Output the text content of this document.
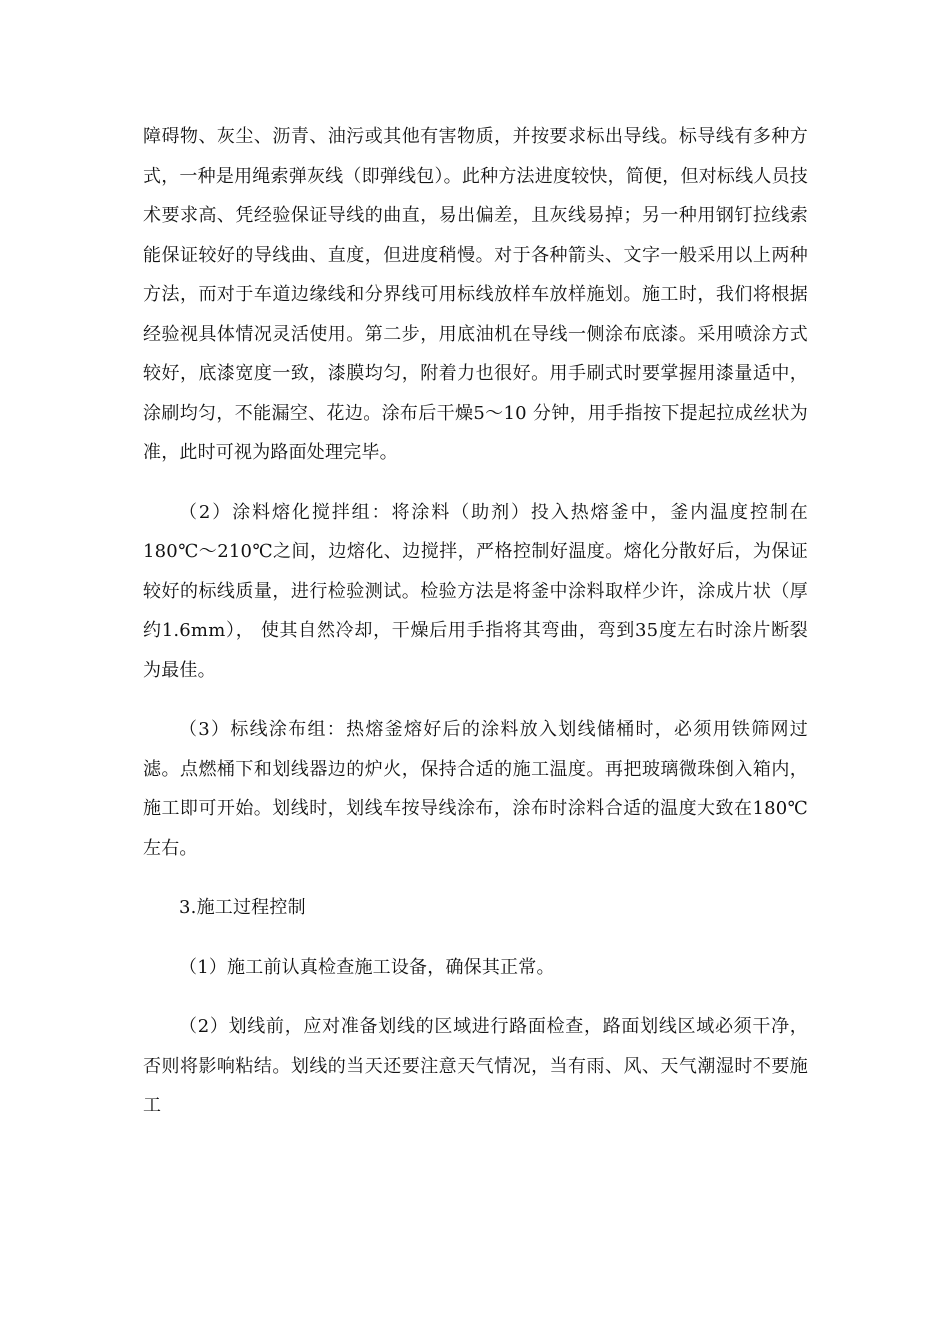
障碍物、灰尘、沥青、油污或其他有害物质，并按要求标出导线。标导线有多种方式，一种是用绳索弹灰线（即弹线包）。此种方法进度较快，简便，但对标线人员技术要求高、凭经验保证导线的曲直，易出偏差，且灰线易掉；另一种用钢钉拉线索能保证较好的导线曲、直度，但进度稍慢。对于各种箭头、文字一般采用以上两种方法，而对于车道边缘线和分界线可用标线放样车放样施划。施工时，我们将根据经验视具体情况灵活使用。第二步，用底油机在导线一侧涂布底漆。采用喷涂方式较好，底漆宽度一致，漆膜均匀，附着力也很好。用手刷式时要掌握用漆量适中，涂刷均匀，不能漏空、花边。涂布后干燥5～10 分钟，用手指按下提起拉成丝状为准，此时可视为路面处理完毕。

（2）涂料熔化搅拌组：将涂料（助剂）投入热熔釜中，釜内温度控制在180℃～210℃之间，边熔化、边搅拌，严格控制好温度。熔化分散好后，为保证较好的标线质量，进行检验测试。检验方法是将釜中涂料取样少许，涂成片状（厚约1.6mm）， 使其自然冷却，干燥后用手指将其弯曲，弯到35度左右时涂片断裂为最佳。

（3）标线涂布组：热熔釜熔好后的涂料放入划线储桶时，必须用铁筛网过滤。点燃桶下和划线器边的炉火，保持合适的施工温度。再把玻璃微珠倒入箱内，施工即可开始。划线时，划线车按导线涂布，涂布时涂料合适的温度大致在180℃左右。

3.施工过程控制

（1）施工前认真检查施工设备，确保其正常。

（2）划线前，应对准备划线的区域进行路面检查，路面划线区域必须干净，否则将影响粘结。划线的当天还要注意天气情况，当有雨、风、天气潮湿时不要施工
